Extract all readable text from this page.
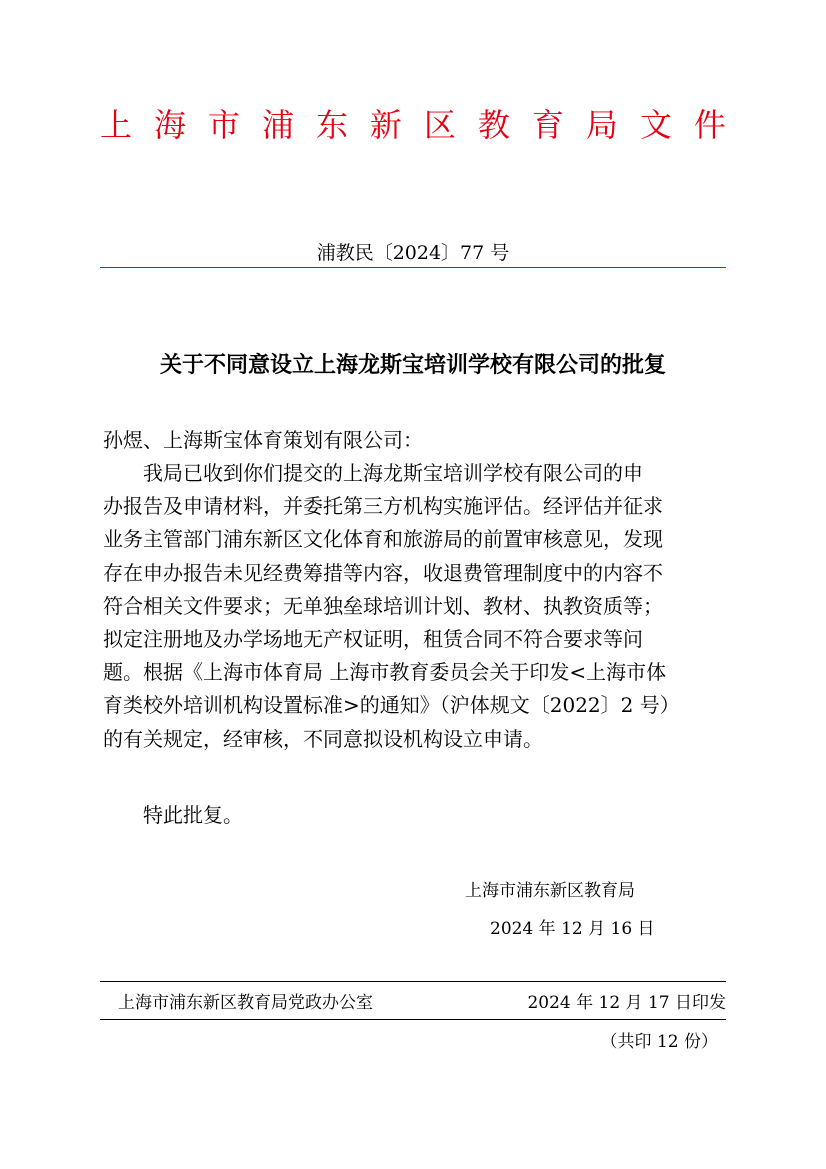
上 海 市 浦 东 新 区 教 育 局 文 件
浦教民〔2024〕77 号
关于不同意设立上海龙斯宝培训学校有限公司的批复
孙煜、上海斯宝体育策划有限公司：
我局已收到你们提交的上海龙斯宝培训学校有限公司的申
办报告及申请材料，并委托第三方机构实施评估。经评估并征求
业务主管部门浦东新区文化体育和旅游局的前置审核意见，发现
存在申办报告未见经费筹措等内容，收退费管理制度中的内容不
符合相关文件要求；无单独垒球培训计划、教材、执教资质等；
拟定注册地及办学场地无产权证明，租赁合同不符合要求等问
题。根据《上海市体育局 上海市教育委员会关于印发<上海市体
育类校外培训机构设置标准>的通知》（沪体规文〔2022〕2 号）
的有关规定，经审核，不同意拟设机构设立申请。
特此批复。
上海市浦东新区教育局
2024 年 12 月 16 日
上海市浦东新区教育局党政办公室	2024 年 12 月 17 日印发
（共印 12 份）
